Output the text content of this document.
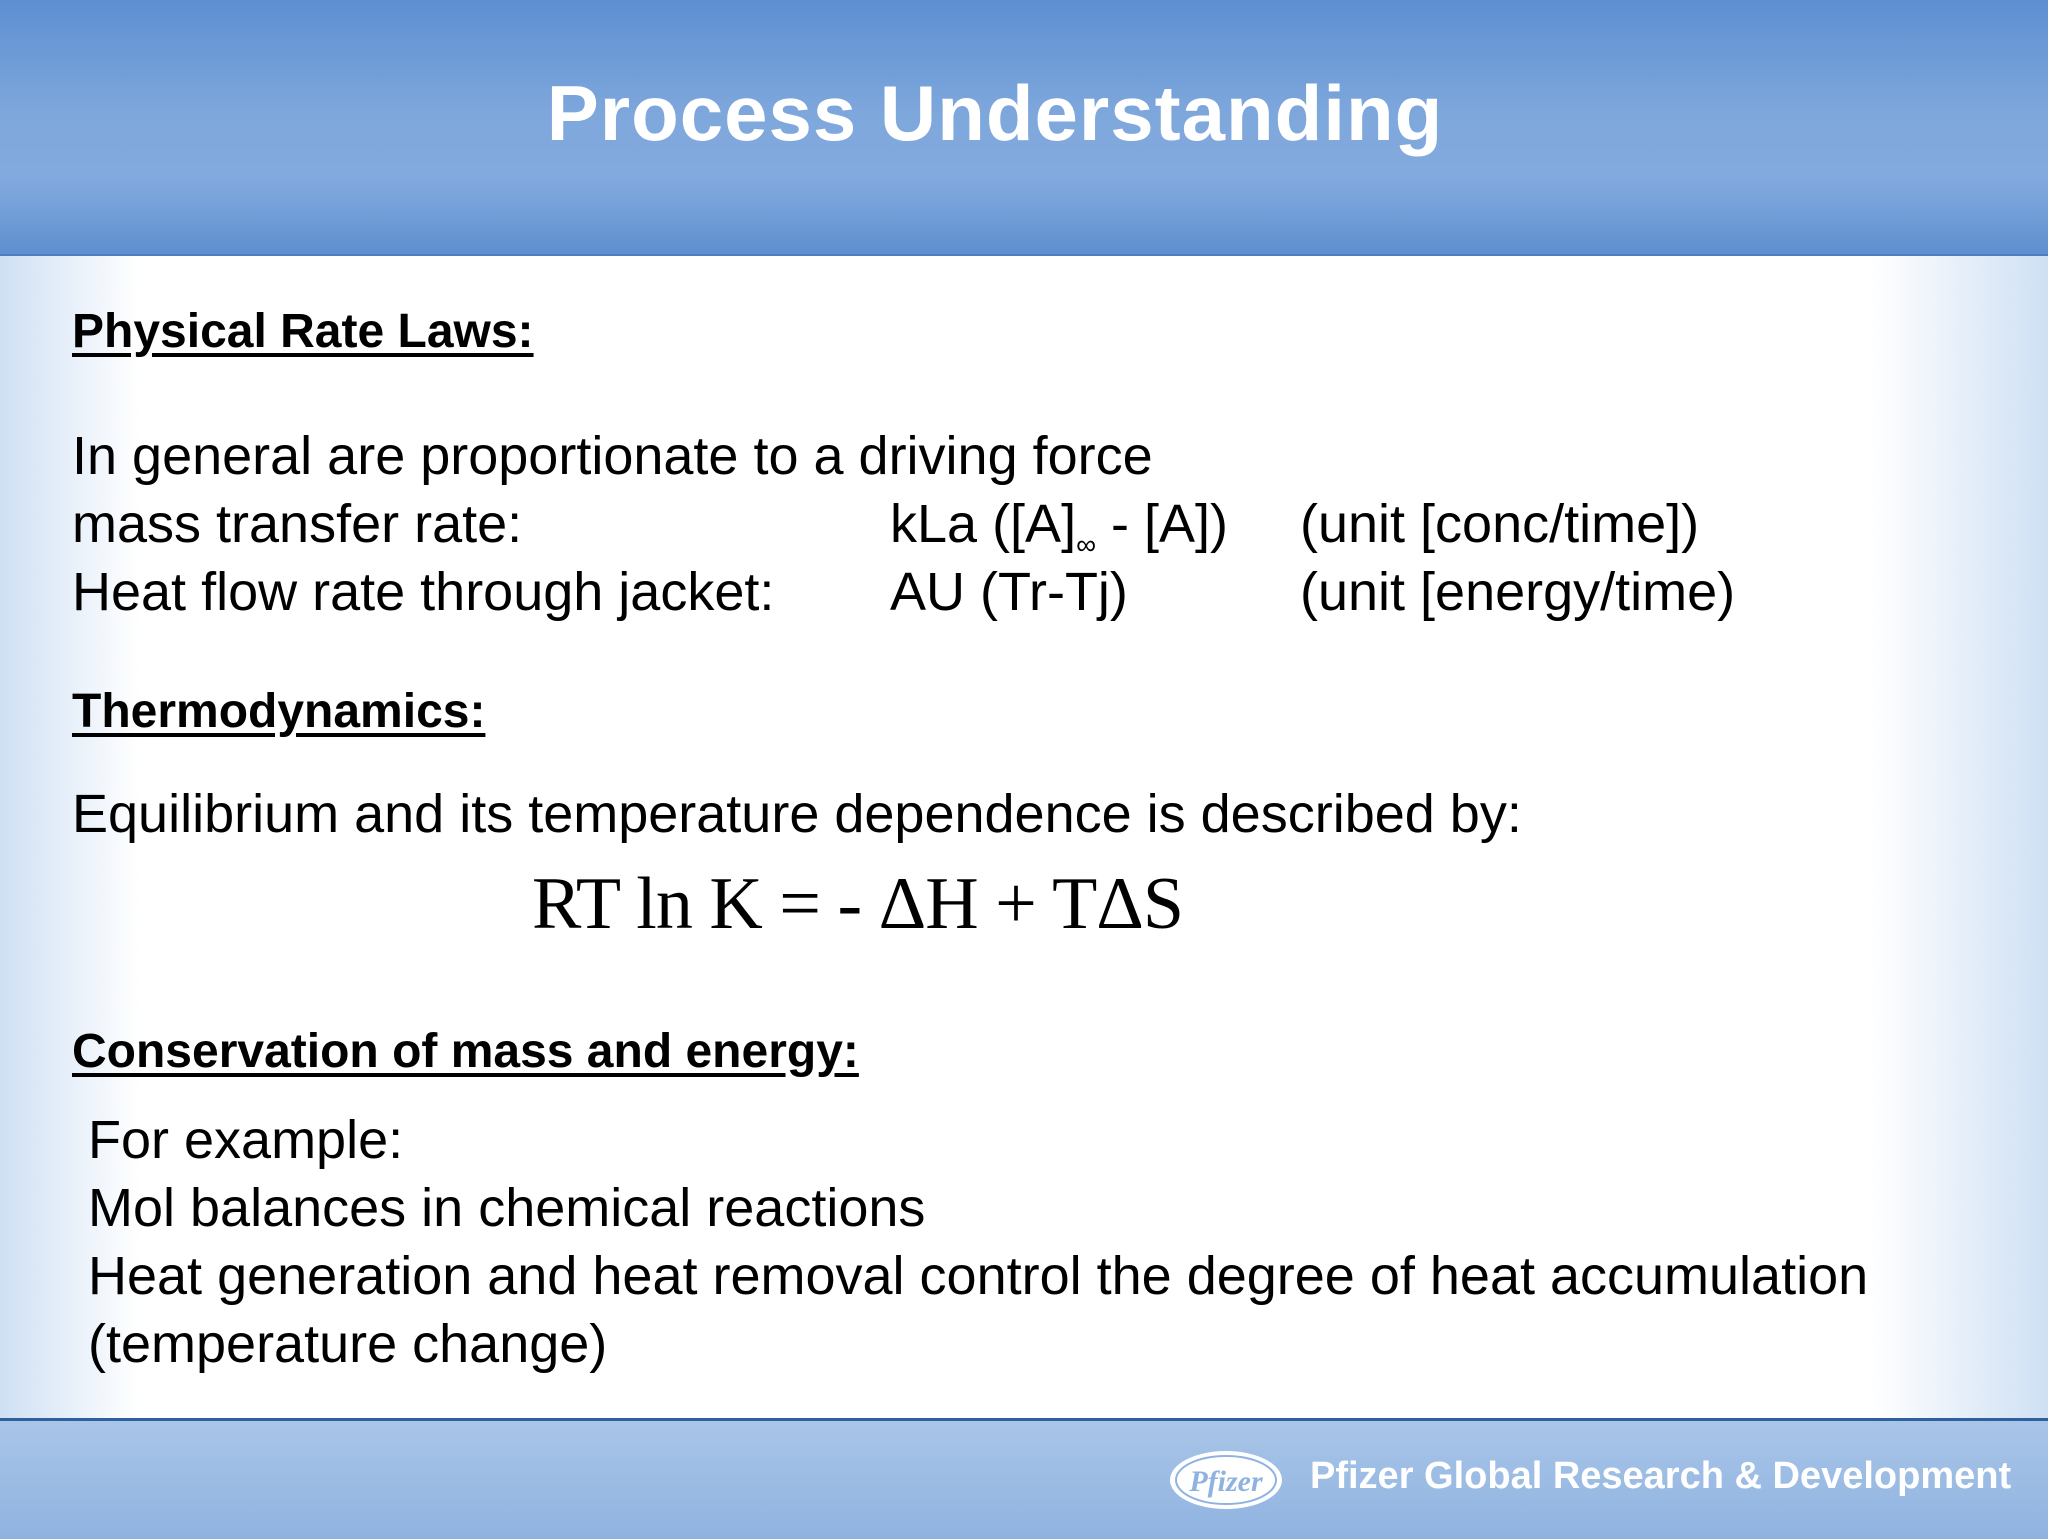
Process Understanding
Physical Rate Laws:
In general are proportionate to a driving force
mass transfer rate:	kLa $([A]_\infty - [A])$ (unit [conc/time])
Heat flow rate through jacket: AU (Tr-Tj)	(unit [energy/time)
Thermodynamics:
Equilibrium and its temperature dependence is described by:
RT ln K = - ΔH + TΔS
Conservation of mass and energy:
For example:
Mol balances in chemical reactions
Heat generation and heat removal control the degree of heat accumulation
(temperature change)
Pfizer Pfizer Global Research & Development
